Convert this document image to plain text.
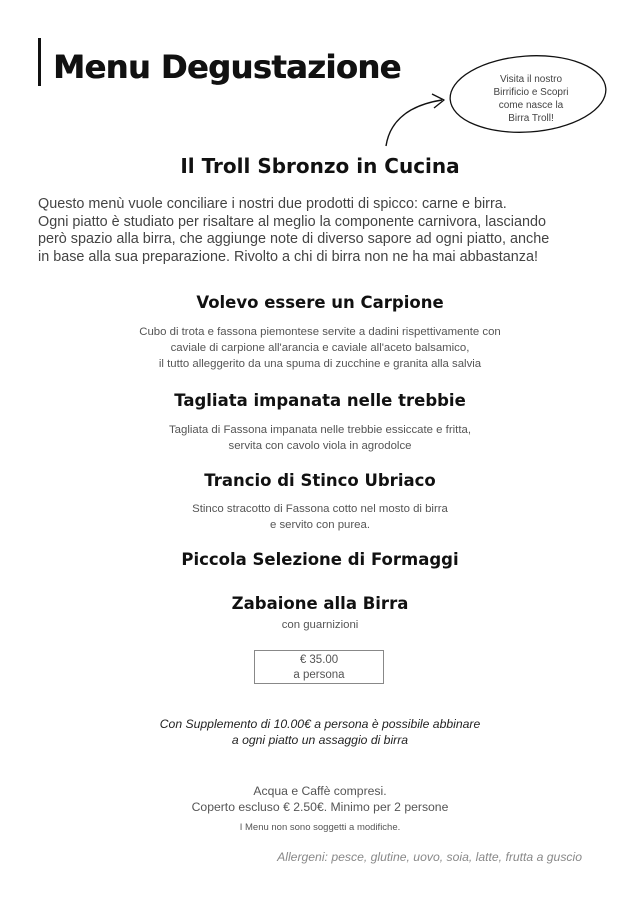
Menu Degustazione	Visita il nostro
Birrificio e Scopri
come nasce la
Birra Troll!
Il Troll Sbronzo in Cucina
Questo menù vuole conciliare i nostri due prodotti di spicco: carne e birra.
Ogni piatto è studiato per risaltare al meglio la componente carnivora, lasciando
però spazio alla birra, che aggiunge note di diverso sapore ad ogni piatto, anche
in base alla sua preparazione. Rivolto a chi di birra non ne ha mai abbastanza!
Volevo essere un Carpione
Cubo di trota e fassona piemontese servite a dadini rispettivamente con
caviale di carpione all'arancia e caviale all'aceto balsamico,
il tutto alleggerito da una spuma di zucchine e granita alla salvia
Tagliata impanata nelle trebbie
Tagliata di Fassona impanata nelle trebbie essiccate e fritta,
servita con cavolo viola in agrodolce
Trancio di Stinco Ubriaco
Stinco stracotto di Fassona cotto nel mosto di birra
e servito con purea.
Piccola Selezione di Formaggi
Zabaione alla Birra
con guarnizioni
€ 35.00
a persona
Con Supplemento di 10.00€ a persona è possibile abbinare
a ogni piatto un assaggio di birra

Acqua e Caffè compresi.

Coperto escluso € 2.50€. Minimo per 2 persone

I Menu non sono soggetti a modifiche.

Allergeni: pesce, glutine, uovo, soia, latte, frutta a guscio
